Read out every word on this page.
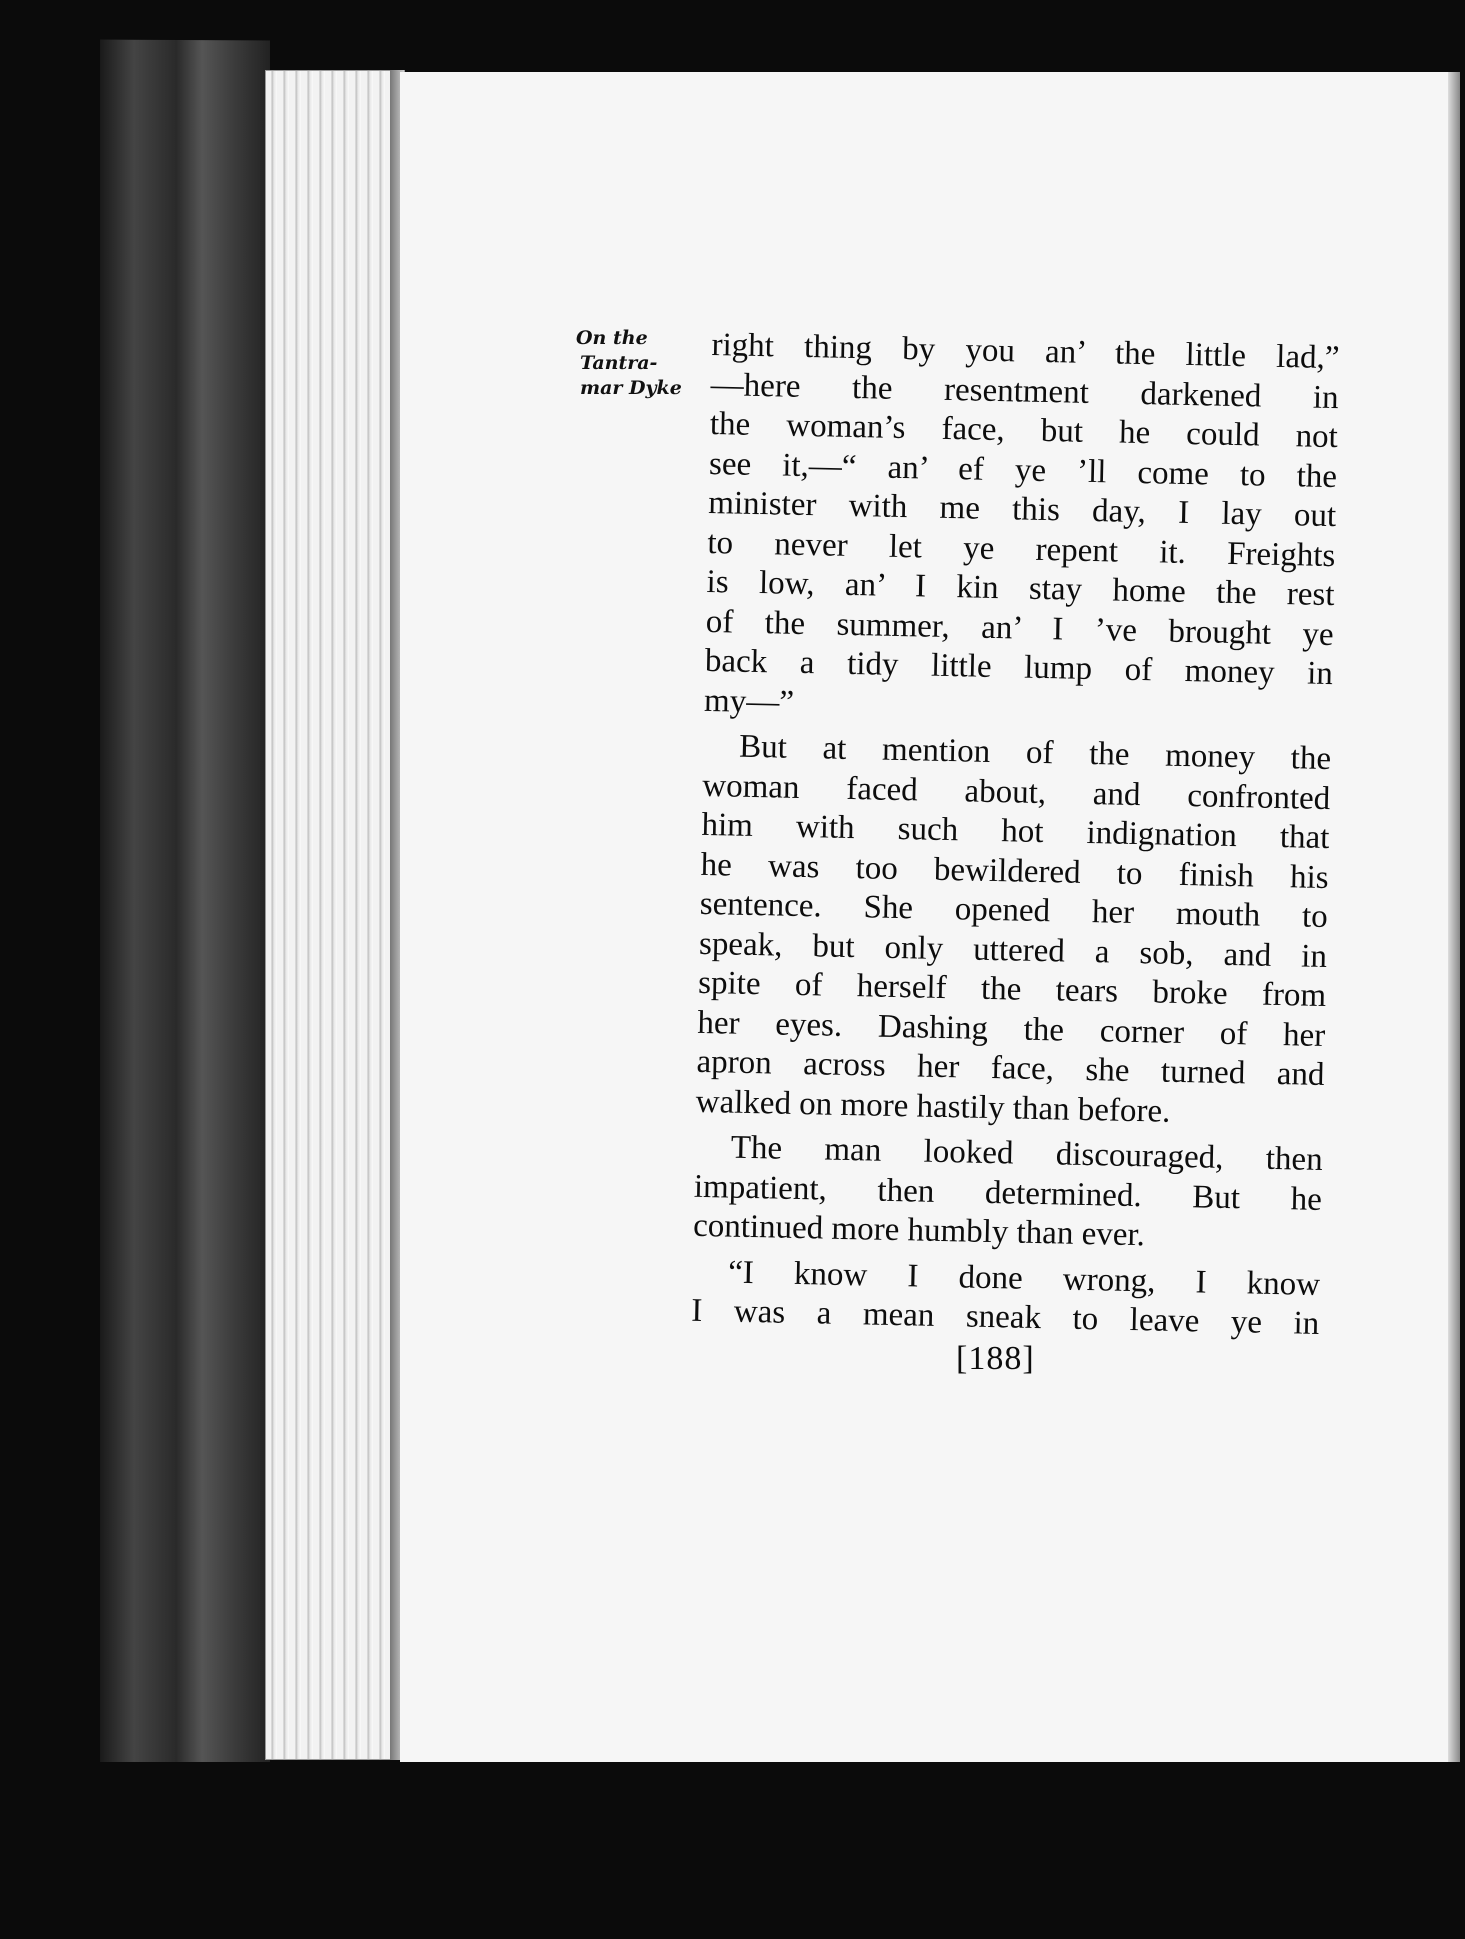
On the
Tantra-
mar Dyke
right thing by you an’ the little lad,”
—here the resentment darkened in
the woman’s face, but he could not
see it,—“ an’ ef ye ’ll come to the
minister with me this day, I lay out
to never let ye repent it. Freights
is low, an’ I kin stay home the rest
of the summer, an’ I ’ve brought ye
back a tidy little lump of money in
my—”
But at mention of the money the
woman faced about, and confronted
him with such hot indignation that
he was too bewildered to finish his
sentence. She opened her mouth to
speak, but only uttered a sob, and in
spite of herself the tears broke from
her eyes. Dashing the corner of her
apron across her face, she turned and
walked on more hastily than before.
The man looked discouraged, then
impatient, then determined. But he
continued more humbly than ever.
“I know I done wrong, I know
I was a mean sneak to leave ye in
[188]
